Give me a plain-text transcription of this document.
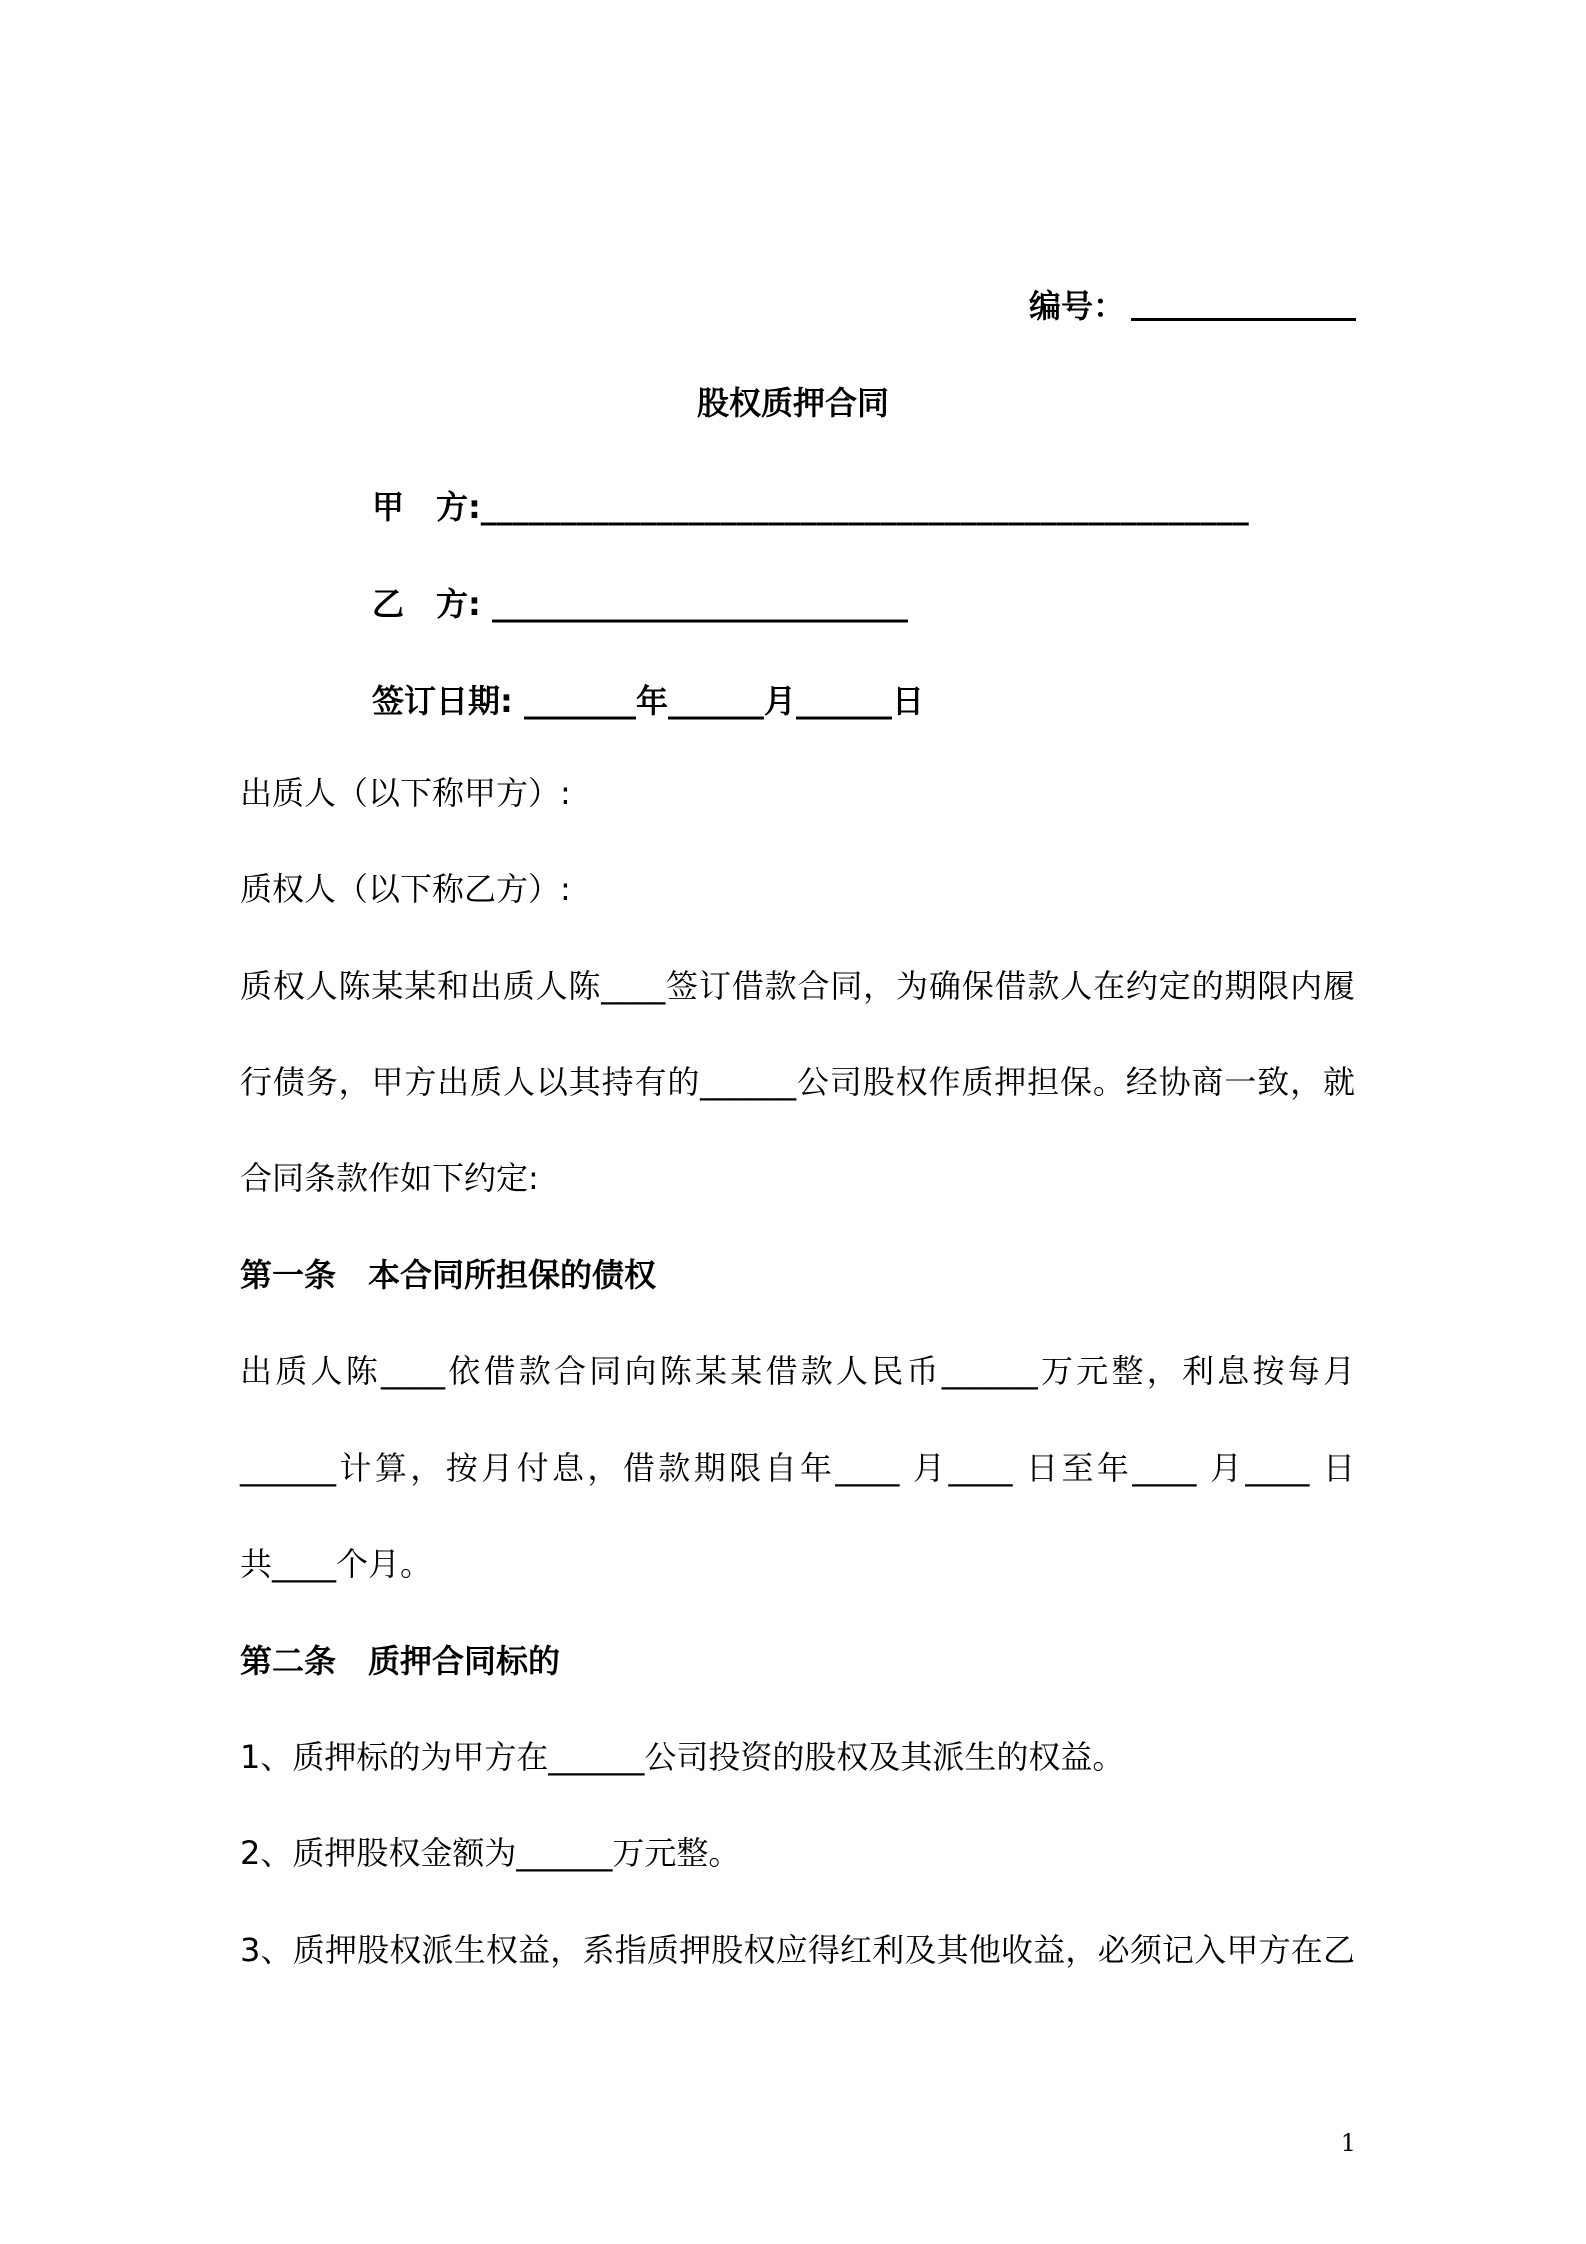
编号：
股权质押合同
甲　方:________________________________________________
乙　方: __________________________
签订日期: _______年______月______日
出质人（以下称甲方）:
质权人（以下称乙方）:
质权人陈某某和出质人陈____签订借款合同，为确保借款人在约定的期限内履
行债务，甲方出质人以其持有的______公司股权作质押担保。经协商一致，就
合同条款作如下约定:
第一条　本合同所担保的债权
出质人陈____依借款合同向陈某某借款人民币______万元整，利息按每月
______计算，按月付息，借款期限自年____ 月____ 日至年____ 月____ 日
共____个月。
第二条　质押合同标的
1、质押标的为甲方在______公司投资的股权及其派生的权益。
2、质押股权金额为______万元整。
3、质押股权派生权益，系指质押股权应得红利及其他收益，必须记入甲方在乙
1
